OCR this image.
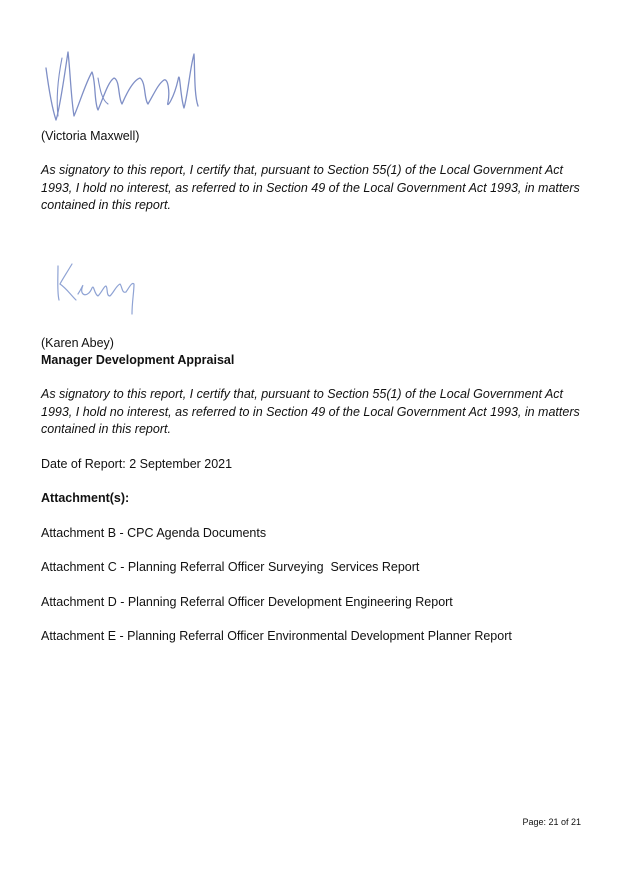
(Victoria Maxwell)

As signatory to this report, I certify that, pursuant to Section 55(1) of the Local Government Act 1993, I hold no interest, as referred to in Section 49 of the Local Government Act 1993, in matters contained in this report.

(Karen Abey)

Manager Development Appraisal

As signatory to this report, I certify that, pursuant to Section 55(1) of the Local Government Act 1993, I hold no interest, as referred to in Section 49 of the Local Government Act 1993, in matters contained in this report.

Date of Report: 2 September 2021

Attachment(s):

Attachment B - CPC Agenda Documents

Attachment C - Planning Referral Officer Surveying  Services Report

Attachment D - Planning Referral Officer Development Engineering Report

Attachment E - Planning Referral Officer Environmental Development Planner Report

Page: 21 of 21
